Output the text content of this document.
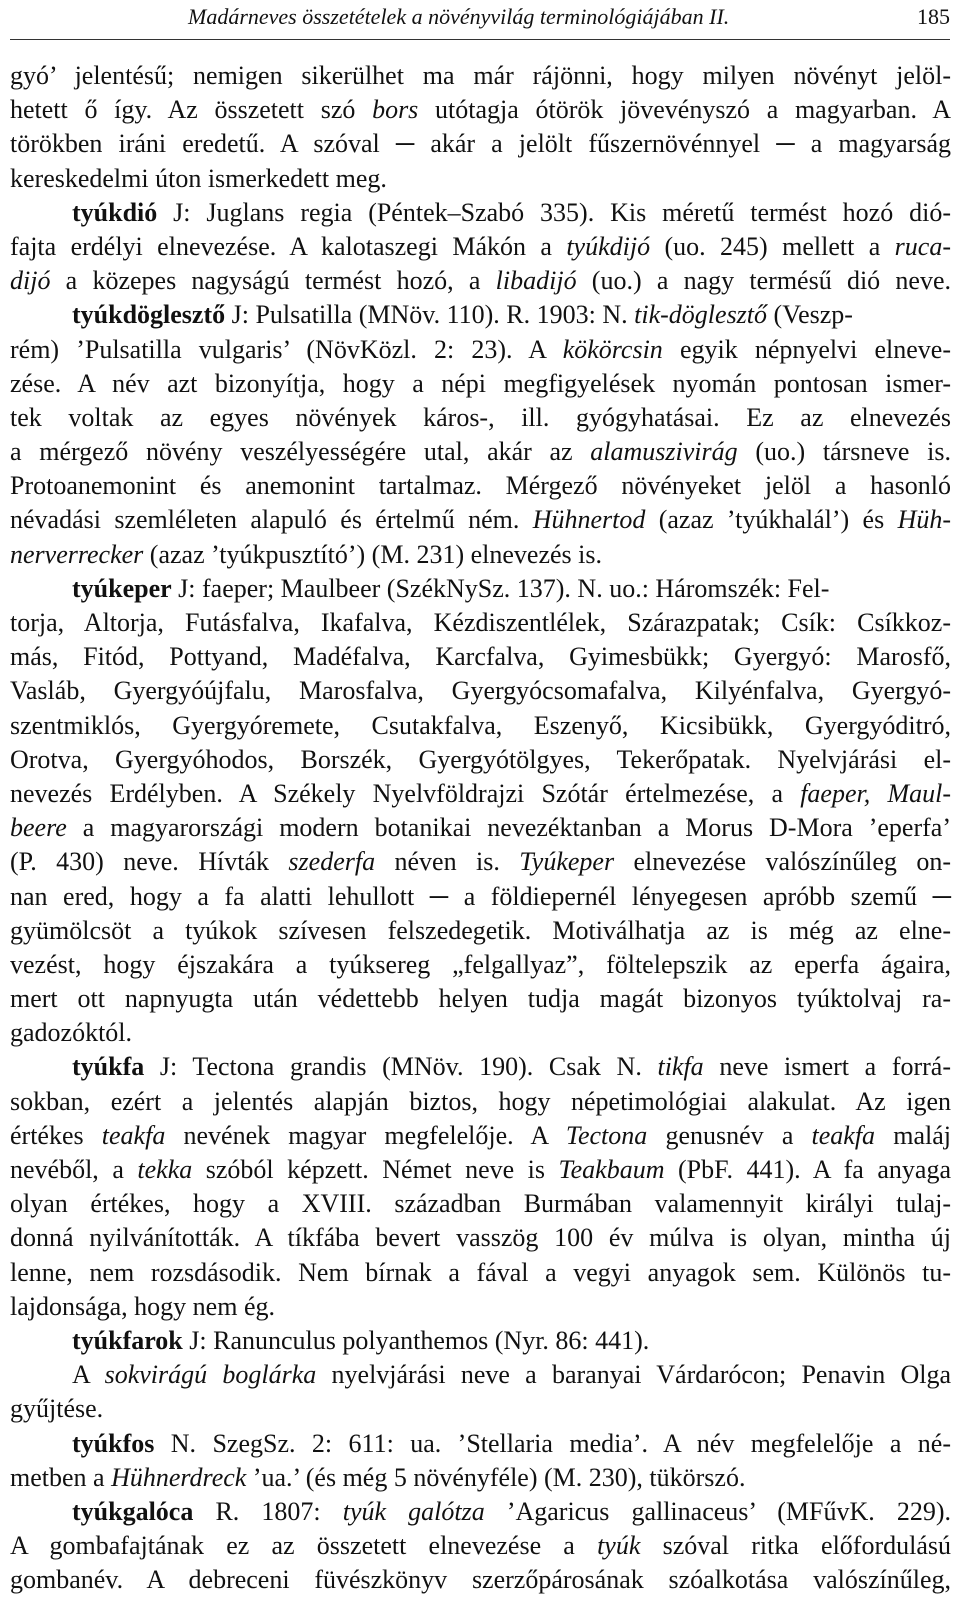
Madárneves összetételek a növényvilág terminológiájában II.	185
gyó’ jelentésű; nemigen sikerülhet ma már rájönni, hogy milyen növényt jelöl-
hetett ő így. Az összetett szó bors utótagja ótörök jövevényszó a magyarban. A
törökben iráni eredetű. A szóval ─ akár a jelölt fűszernövénnyel ─ a magyarság
kereskedelmi úton ismerkedett meg.
tyúkdió J: Juglans regia (Péntek–Szabó 335). Kis méretű termést hozó dió-
fajta erdélyi elnevezése. A kalotaszegi Mákón a tyúkdijó (uo. 245) mellett a ruca-
dijó a közepes nagyságú termést hozó, a libadijó (uo.) a nagy termésű dió neve.
tyúkdöglesztő J: Pulsatilla (MNöv. 110). R. 1903: N. tik-döglesztő (Veszp-
rém) ’Pulsatilla vulgaris’ (NövKözl. 2: 23). A kökörcsin egyik népnyelvi elneve-
zése. A név azt bizonyítja, hogy a népi megfigyelések nyomán pontosan ismer-
tek voltak az egyes növények káros-, ill. gyógyhatásai. Ez az elnevezés
a mérgező növény veszélyességére utal, akár az alamuszivirág (uo.) társneve is.
Protoanemonint és anemonint tartalmaz. Mérgező növényeket jelöl a hasonló
névadási szemléleten alapuló és értelmű ném. Hühnertod (azaz ’tyúkhalál’) és Hüh-
nerverrecker (azaz ’tyúkpusztító’) (M. 231) elnevezés is.
tyúkeper J: faeper; Maulbeer (SzékNySz. 137). N. uo.: Háromszék: Fel-
torja, Altorja, Futásfalva, Ikafalva, Kézdiszentlélek, Szárazpatak; Csík: Csíkkoz-
más, Fitód, Pottyand, Madéfalva, Karcfalva, Gyimesbükk; Gyergyó: Marosfő,
Vasláb, Gyergyóújfalu, Marosfalva, Gyergyócsomafalva, Kilyénfalva, Gyergyó-
szentmiklós, Gyergyóremete, Csutakfalva, Eszenyő, Kicsibükk, Gyergyóditró,
Orotva, Gyergyóhodos, Borszék, Gyergyótölgyes, Tekerőpatak. Nyelvjárási el-
nevezés Erdélyben. A Székely Nyelvföldrajzi Szótár értelmezése, a faeper, Maul-
beere a magyarországi modern botanikai nevezéktanban a Morus D-Mora ’eperfa’
(P. 430) neve. Hívták szederfa néven is. Tyúkeper elnevezése valószínűleg on-
nan ered, hogy a fa alatti lehullott ─ a földiepernél lényegesen apróbb szemű ─
gyümölcsöt a tyúkok szívesen felszedegetik. Motiválhatja az is még az elne-
vezést, hogy éjszakára a tyúksereg „felgallyaz”, föltelepszik az eperfa ágaira,
mert ott napnyugta után védettebb helyen tudja magát bizonyos tyúktolvaj ra-
gadozóktól.
tyúkfa J: Tectona grandis (MNöv. 190). Csak N. tikfa neve ismert a forrá-
sokban, ezért a jelentés alapján biztos, hogy népetimológiai alakulat. Az igen
értékes teakfa nevének magyar megfelelője. A Tectona genusnév a teakfa maláj
nevéből, a tekka szóból képzett. Német neve is Teakbaum (PbF. 441). A fa anyaga
olyan értékes, hogy a XVIII. században Burmában valamennyit királyi tulaj-
donná nyilvánították. A tíkfába bevert vasszög 100 év múlva is olyan, mintha új
lenne, nem rozsdásodik. Nem bírnak a fával a vegyi anyagok sem. Különös tu-
lajdonsága, hogy nem ég.
tyúkfarok J: Ranunculus polyanthemos (Nyr. 86: 441).
A sokvirágú boglárka nyelvjárási neve a baranyai Várdarócon; Penavin Olga
gyűjtése.
tyúkfos N. SzegSz. 2: 611: ua. ’Stellaria media’. A név megfelelője a né-
metben a Hühnerdreck ’ua.’ (és még 5 növényféle) (M. 230), tükörszó.
tyúkgalóca R. 1807: tyúk galótza ’Agaricus gallinaceus’ (MFűvK. 229).
A gombafajtának ez az összetett elnevezése a tyúk szóval ritka előfordulású
gombanév. A debreceni füvészkönyv szerzőpárosának szóalkotása valószínűleg,
